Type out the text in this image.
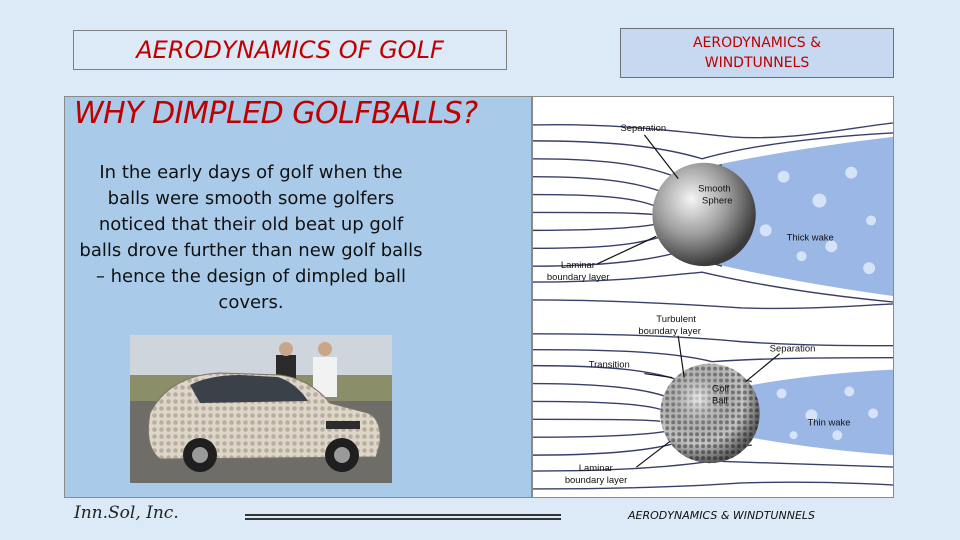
AERODYNAMICS OF GOLF	AERODYNAMICS &
WINDTUNNELS
WHY DIMPLED GOLFBALLS?
In the early days of golf when the balls were smooth some golfers noticed that their old beat up golf balls drove further than new golf balls – hence the design of dimpled ball covers.
Separation
Smooth
Sphere
Thick wake
Laminar
boundary layer
Turbulent
boundary layer
Separation
Transition
Golf
Ball
Thin wake
Laminar
boundary layer
Inn.Sol, Inc.	AERODYNAMICS & WINDTUNNELS
